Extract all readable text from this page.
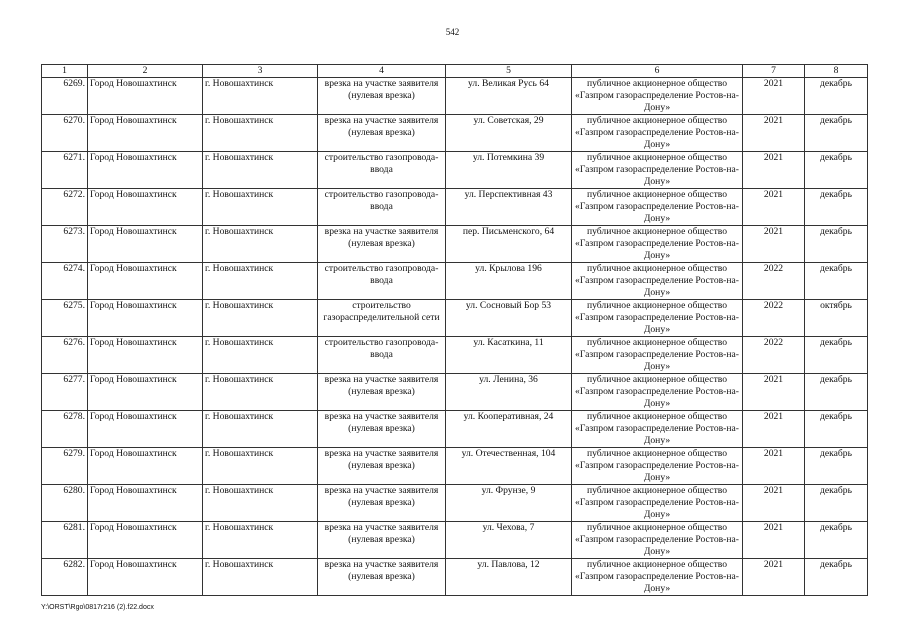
542
1	2	3	4	5	6	7	8
6269.	Город Новошахтинск	г. Новошахтинск	врезка на участке заявителя (нулевая врезка)	ул. Великая Русь 64	публичное акционерное общество «Газпром газораспределение Ростов-на-Дону»	2021	декабрь
6270.	Город Новошахтинск	г. Новошахтинск	врезка на участке заявителя (нулевая врезка)	ул. Советская, 29	публичное акционерное общество «Газпром газораспределение Ростов-на-Дону»	2021	декабрь
6271.	Город Новошахтинск	г. Новошахтинск	строительство газопровода-ввода	ул. Потемкина 39	публичное акционерное общество «Газпром газораспределение Ростов-на-Дону»	2021	декабрь
6272.	Город Новошахтинск	г. Новошахтинск	строительство газопровода-ввода	ул. Перспективная 43	публичное акционерное общество «Газпром газораспределение Ростов-на-Дону»	2021	декабрь
6273.	Город Новошахтинск	г. Новошахтинск	врезка на участке заявителя (нулевая врезка)	пер. Письменского, 64	публичное акционерное общество «Газпром газораспределение Ростов-на-Дону»	2021	декабрь
6274.	Город Новошахтинск	г. Новошахтинск	строительство газопровода-ввода	ул. Крылова 196	публичное акционерное общество «Газпром газораспределение Ростов-на-Дону»	2022	декабрь
6275.	Город Новошахтинск	г. Новошахтинск	строительство газораспределительной сети	ул. Сосновый Бор 53	публичное акционерное общество «Газпром газораспределение Ростов-на-Дону»	2022	октябрь
6276.	Город Новошахтинск	г. Новошахтинск	строительство газопровода-ввода	ул. Касаткина, 11	публичное акционерное общество «Газпром газораспределение Ростов-на-Дону»	2022	декабрь
6277.	Город Новошахтинск	г. Новошахтинск	врезка на участке заявителя (нулевая врезка)	ул. Ленина, 36	публичное акционерное общество «Газпром газораспределение Ростов-на-Дону»	2021	декабрь
6278.	Город Новошахтинск	г. Новошахтинск	врезка на участке заявителя (нулевая врезка)	ул. Кооперативная, 24	публичное акционерное общество «Газпром газораспределение Ростов-на-Дону»	2021	декабрь
6279.	Город Новошахтинск	г. Новошахтинск	врезка на участке заявителя (нулевая врезка)	ул. Отечественная, 104	публичное акционерное общество «Газпром газораспределение Ростов-на-Дону»	2021	декабрь
6280.	Город Новошахтинск	г. Новошахтинск	врезка на участке заявителя (нулевая врезка)	ул. Фрунзе, 9	публичное акционерное общество «Газпром газораспределение Ростов-на-Дону»	2021	декабрь
6281.	Город Новошахтинск	г. Новошахтинск	врезка на участке заявителя (нулевая врезка)	ул. Чехова, 7	публичное акционерное общество «Газпром газораспределение Ростов-на-Дону»	2021	декабрь
6282.	Город Новошахтинск	г. Новошахтинск	врезка на участке заявителя (нулевая врезка)	ул. Павлова, 12	публичное акционерное общество «Газпром газораспределение Ростов-на-Дону»	2021	декабрь
Y:\ORST\Rgo\0817r216 (2).f22.docx
